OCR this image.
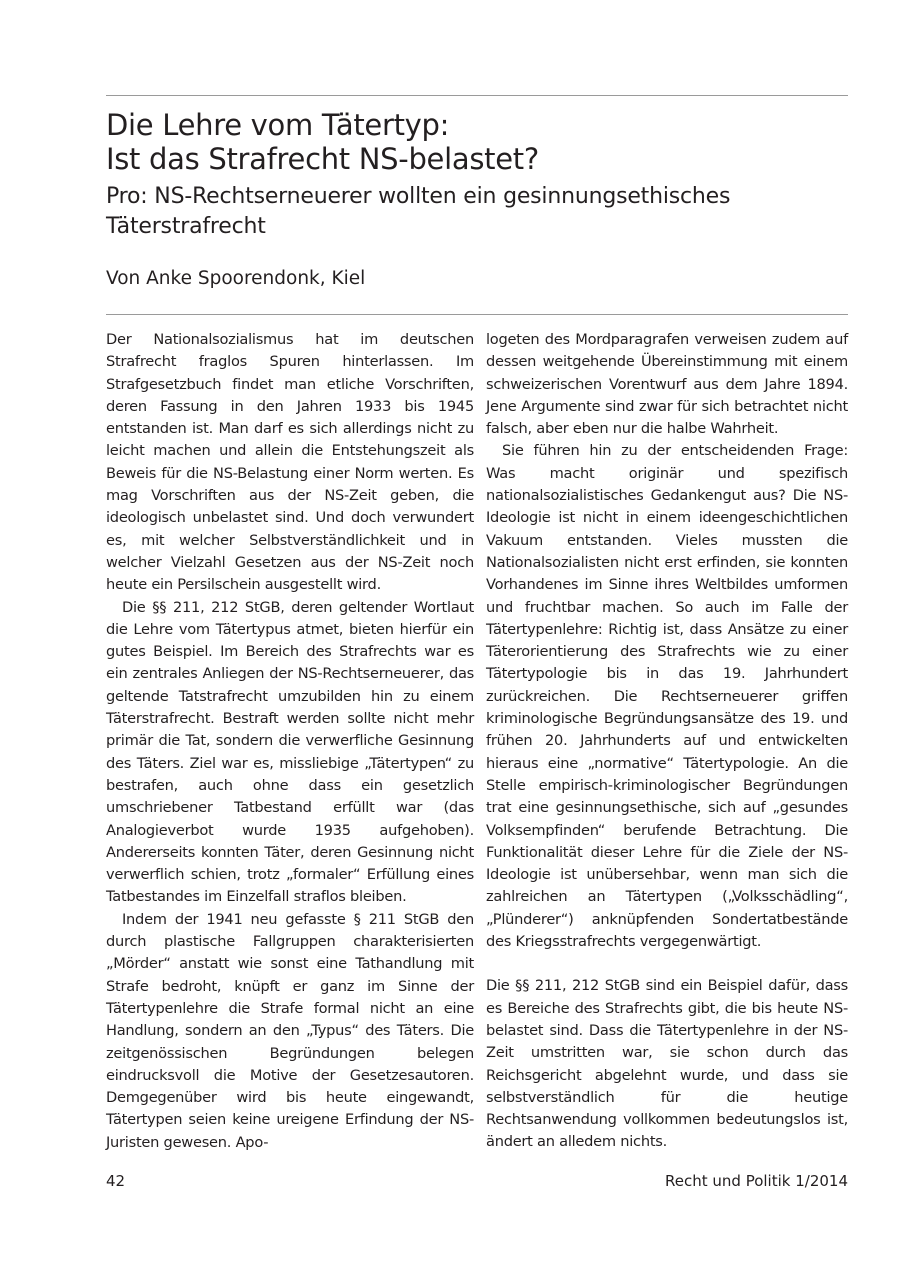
Die Lehre vom Tätertyp:
Ist das Strafrecht NS-belastet?
Pro: NS-Rechtserneuerer wollten ein gesinnungsethisches
Täterstrafrecht

Von Anke Spoorendonk, Kiel

Der Nationalsozialismus hat im deutschen Strafrecht fraglos Spuren hinterlassen. Im Strafgesetzbuch findet man etliche Vorschriften, deren Fassung in den Jahren 1933 bis 1945 entstanden ist. Man darf es sich allerdings nicht zu leicht machen und allein die Entstehungszeit als Beweis für die NS-Belastung einer Norm werten. Es mag Vorschriften aus der NS-Zeit geben, die ideologisch unbelastet sind. Und doch verwundert es, mit welcher Selbstverständlichkeit und in welcher Vielzahl Gesetzen aus der NS-Zeit noch heute ein Persilschein ausgestellt wird.

Die §§ 211, 212 StGB, deren geltender Wortlaut die Lehre vom Tätertypus atmet, bieten hierfür ein gutes Beispiel. Im Bereich des Strafrechts war es ein zentrales Anliegen der NS-Rechtserneuerer, das geltende Tatstrafrecht umzubilden hin zu einem Täterstrafrecht. Bestraft werden sollte nicht mehr primär die Tat, sondern die verwerfliche Gesinnung des Täters. Ziel war es, missliebige „Tätertypen“ zu bestrafen, auch ohne dass ein gesetzlich umschriebener Tatbestand erfüllt war (das Analogieverbot wurde 1935 aufgehoben). Andererseits konnten Täter, deren Gesinnung nicht verwerflich schien, trotz „formaler“ Erfüllung eines Tatbestandes im Einzelfall straflos bleiben.

Indem der 1941 neu gefasste § 211 StGB den durch plastische Fallgruppen charakterisierten „Mörder“ anstatt wie sonst eine Tathandlung mit Strafe bedroht, knüpft er ganz im Sinne der Tätertypenlehre die Strafe formal nicht an eine Handlung, sondern an den „Typus“ des Täters. Die zeitgenössischen Begründungen belegen eindrucksvoll die Motive der Gesetzesautoren. Demgegenüber wird bis heute eingewandt, Tätertypen seien keine ureigene Erfindung der NS-Juristen gewesen. Apo-

logeten des Mordparagrafen verweisen zudem auf dessen weitgehende Übereinstimmung mit einem schweizerischen Vorentwurf aus dem Jahre 1894. Jene Argumente sind zwar für sich betrachtet nicht falsch, aber eben nur die halbe Wahrheit.

Sie führen hin zu der entscheidenden Frage: Was macht originär und spezifisch nationalsozialistisches Gedankengut aus? Die NS-Ideologie ist nicht in einem ideengeschichtlichen Vakuum entstanden. Vieles mussten die Nationalsozialisten nicht erst erfinden, sie konnten Vorhandenes im Sinne ihres Weltbildes umformen und fruchtbar machen. So auch im Falle der Tätertypenlehre: Richtig ist, dass Ansätze zu einer Täterorientierung des Strafrechts wie zu einer Tätertypologie bis in das 19. Jahrhundert zurückreichen. Die Rechtserneuerer griffen kriminologische Begründungsansätze des 19. und frühen 20. Jahrhunderts auf und entwickelten hieraus eine „normative“ Tätertypologie. An die Stelle empirisch-kriminologischer Begründungen trat eine gesinnungsethische, sich auf „gesundes Volksempfinden“ berufende Betrachtung. Die Funktionalität dieser Lehre für die Ziele der NS-Ideologie ist unübersehbar, wenn man sich die zahlreichen an Tätertypen („Volksschädling“, „Plünderer“) anknüpfenden Sondertatbestände des Kriegsstrafrechts vergegenwärtigt.

Die §§ 211, 212 StGB sind ein Beispiel dafür, dass es Bereiche des Strafrechts gibt, die bis heute NS-belastet sind. Dass die Tätertypenlehre in der NS-Zeit umstritten war, sie schon durch das Reichsgericht abgelehnt wurde, und dass sie selbstverständlich für die heutige Rechtsanwendung vollkommen bedeutungslos ist, ändert an alledem nichts.

42	Recht und Politik 1/2014
